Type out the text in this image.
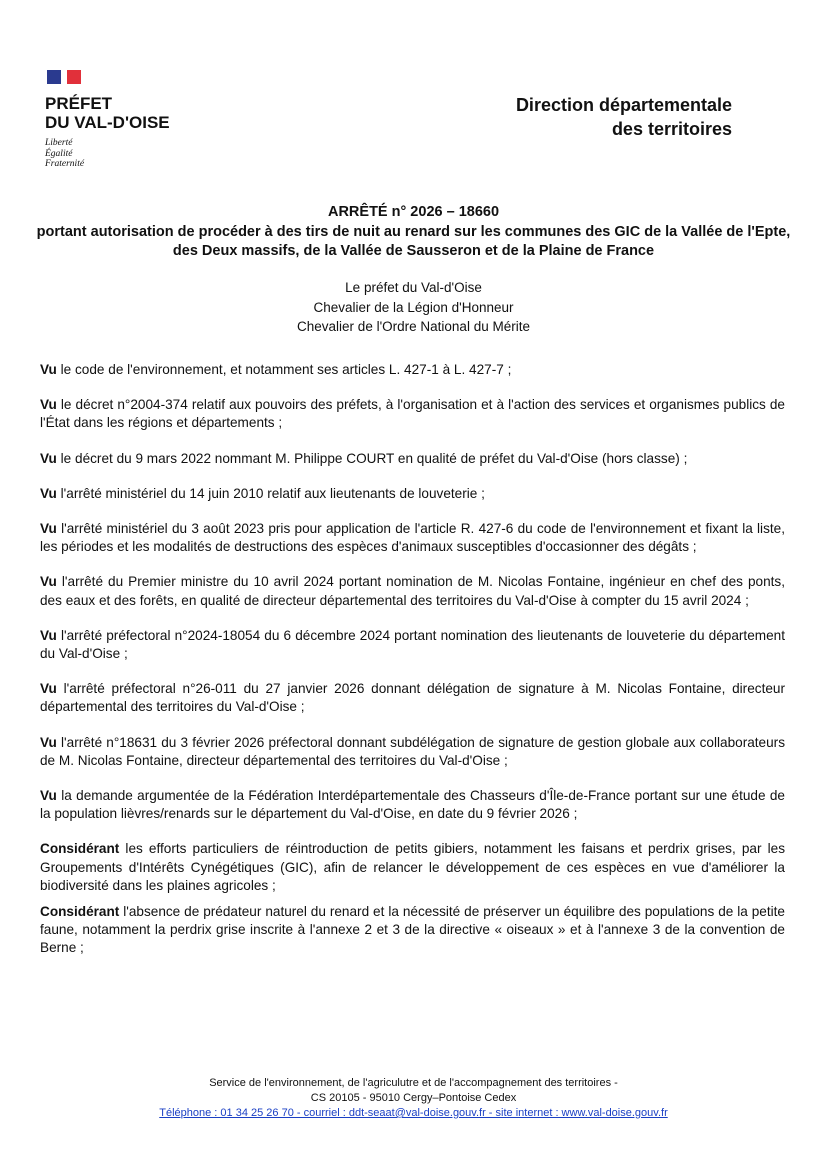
PRÉFET
DU VAL-D'OISE
Liberté
Égalité
Fraternité
Direction départementale
des territoires
ARRÊTÉ n° 2026 – 18660
portant autorisation de procéder à des tirs de nuit au renard sur les communes des GIC de la Vallée de l'Epte, des Deux massifs, de la Vallée de Sausseron et de la Plaine de France
Le préfet du Val-d'Oise
Chevalier de la Légion d'Honneur
Chevalier de l'Ordre National du Mérite

Vu le code de l'environnement, et notamment ses articles L. 427-1 à L. 427-7 ;

Vu le décret n°2004-374 relatif aux pouvoirs des préfets, à l'organisation et à l'action des services et organismes publics de l'État dans les régions et départements ;

Vu le décret du 9 mars 2022 nommant M. Philippe COURT en qualité de préfet du Val-d'Oise (hors classe) ;

Vu l'arrêté ministériel du 14 juin 2010 relatif aux lieutenants de louveterie ;

Vu l'arrêté ministériel du 3 août 2023 pris pour application de l'article R. 427-6 du code de l'environnement et fixant la liste, les périodes et les modalités de destructions des espèces d'animaux susceptibles d'occasionner des dégâts ;

Vu l'arrêté du Premier ministre du 10 avril 2024 portant nomination de M. Nicolas Fontaine, ingénieur en chef des ponts, des eaux et des forêts, en qualité de directeur départemental des territoires du Val-d'Oise à compter du 15 avril 2024 ;

Vu l'arrêté préfectoral n°2024-18054 du 6 décembre 2024 portant nomination des lieutenants de louveterie du département du Val-d'Oise ;

Vu l'arrêté préfectoral n°26-011 du 27 janvier 2026 donnant délégation de signature à M. Nicolas Fontaine, directeur départemental des territoires du Val-d'Oise ;

Vu l'arrêté n°18631 du 3 février 2026 préfectoral donnant subdélégation de signature de gestion globale aux collaborateurs de M. Nicolas Fontaine, directeur départemental des territoires du Val-d'Oise ;

Vu la demande argumentée de la Fédération Interdépartementale des Chasseurs d'Île-de-France portant sur une étude de la population lièvres/renards sur le département du Val-d'Oise, en date du 9 février 2026 ;

Considérant les efforts particuliers de réintroduction de petits gibiers, notamment les faisans et perdrix grises, par les Groupements d'Intérêts Cynégétiques (GIC), afin de relancer le développement de ces espèces en vue d'améliorer la biodiversité dans les plaines agricoles ;

Considérant l'absence de prédateur naturel du renard et la nécessité de préserver un équilibre des populations de la petite faune, notamment la perdrix grise inscrite à l'annexe 2 et 3 de la directive « oiseaux » et à l'annexe 3 de la convention de Berne ;

Service de l'environnement, de l'agriculutre et de l'accompagnement des territoires -
CS 20105 - 95010 Cergy–Pontoise Cedex
Téléphone : 01 34 25 26 70 - courriel : ddt-seaat@val-doise.gouv.fr - site internet : www.val-doise.gouv.fr
